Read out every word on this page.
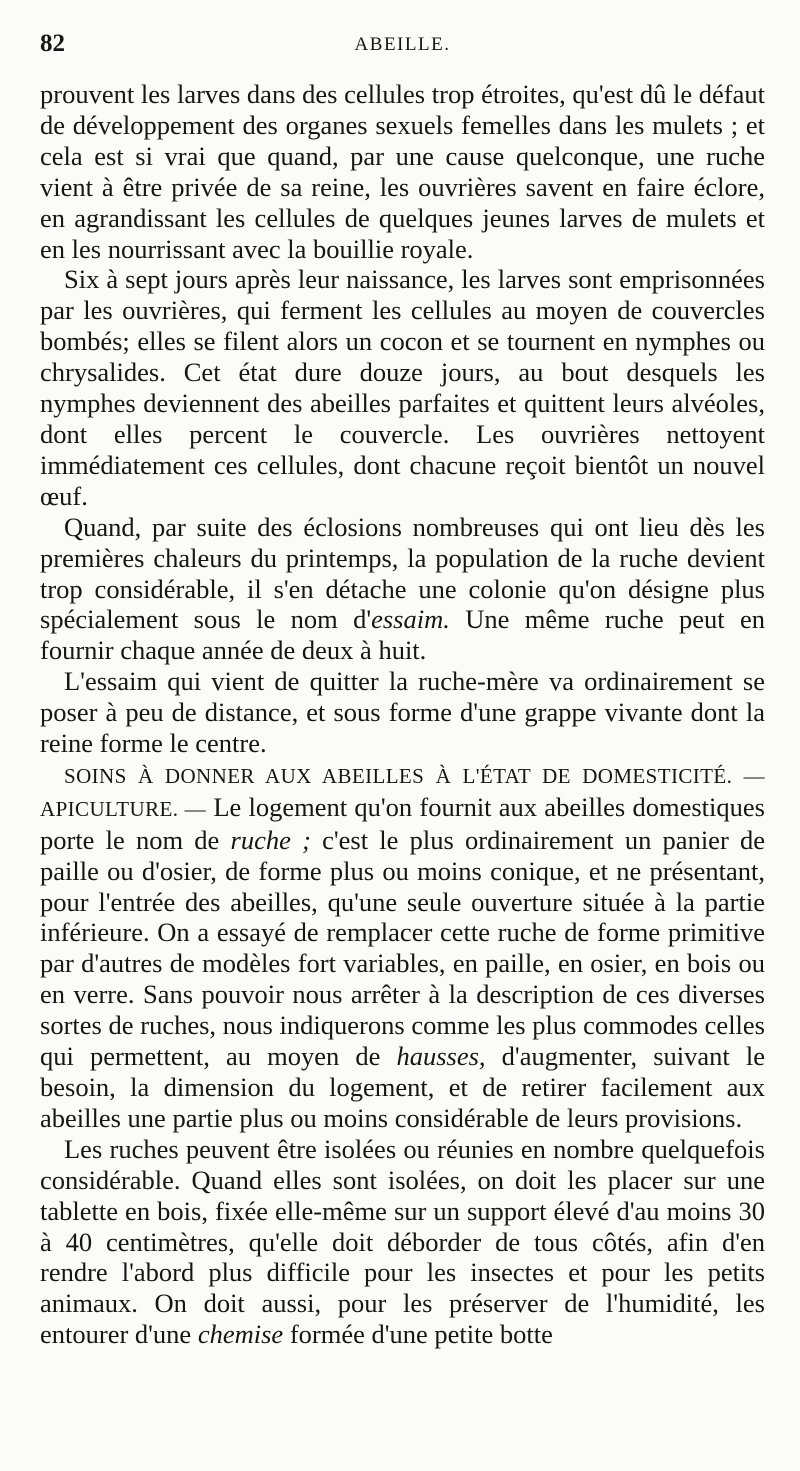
82	ABEILLE.

prouvent les larves dans des cellules trop étroites, qu'est dû le défaut de développement des organes sexuels femelles dans les mulets ; et cela est si vrai que quand, par une cause quelconque, une ruche vient à être privée de sa reine, les ouvrières savent en faire éclore, en agrandissant les cellules de quelques jeunes larves de mulets et en les nourrissant avec la bouillie royale.

Six à sept jours après leur naissance, les larves sont emprisonnées par les ouvrières, qui ferment les cellules au moyen de couvercles bombés; elles se filent alors un cocon et se tournent en nymphes ou chrysalides. Cet état dure douze jours, au bout desquels les nymphes deviennent des abeilles parfaites et quittent leurs alvéoles, dont elles percent le couvercle. Les ouvrières nettoyent immédiatement ces cellules, dont chacune reçoit bientôt un nouvel œuf.

Quand, par suite des éclosions nombreuses qui ont lieu dès les premières chaleurs du printemps, la population de la ruche devient trop considérable, il s'en détache une colonie qu'on désigne plus spécialement sous le nom d'essaim. Une même ruche peut en fournir chaque année de deux à huit.

L'essaim qui vient de quitter la ruche-mère va ordinairement se poser à peu de distance, et sous forme d'une grappe vivante dont la reine forme le centre.

SOINS À DONNER AUX ABEILLES À L'ÉTAT DE DOMESTICITÉ. — APICULTURE. — Le logement qu'on fournit aux abeilles domestiques porte le nom de ruche ; c'est le plus ordinairement un panier de paille ou d'osier, de forme plus ou moins conique, et ne présentant, pour l'entrée des abeilles, qu'une seule ouverture située à la partie inférieure. On a essayé de remplacer cette ruche de forme primitive par d'autres de modèles fort variables, en paille, en osier, en bois ou en verre. Sans pouvoir nous arrêter à la description de ces diverses sortes de ruches, nous indiquerons comme les plus commodes celles qui permettent, au moyen de hausses, d'augmenter, suivant le besoin, la dimension du logement, et de retirer facilement aux abeilles une partie plus ou moins considérable de leurs provisions.

Les ruches peuvent être isolées ou réunies en nombre quelquefois considérable. Quand elles sont isolées, on doit les placer sur une tablette en bois, fixée elle-même sur un support élevé d'au moins 30 à 40 centimètres, qu'elle doit déborder de tous côtés, afin d'en rendre l'abord plus difficile pour les insectes et pour les petits animaux. On doit aussi, pour les préserver de l'humidité, les entourer d'une chemise formée d'une petite botte
